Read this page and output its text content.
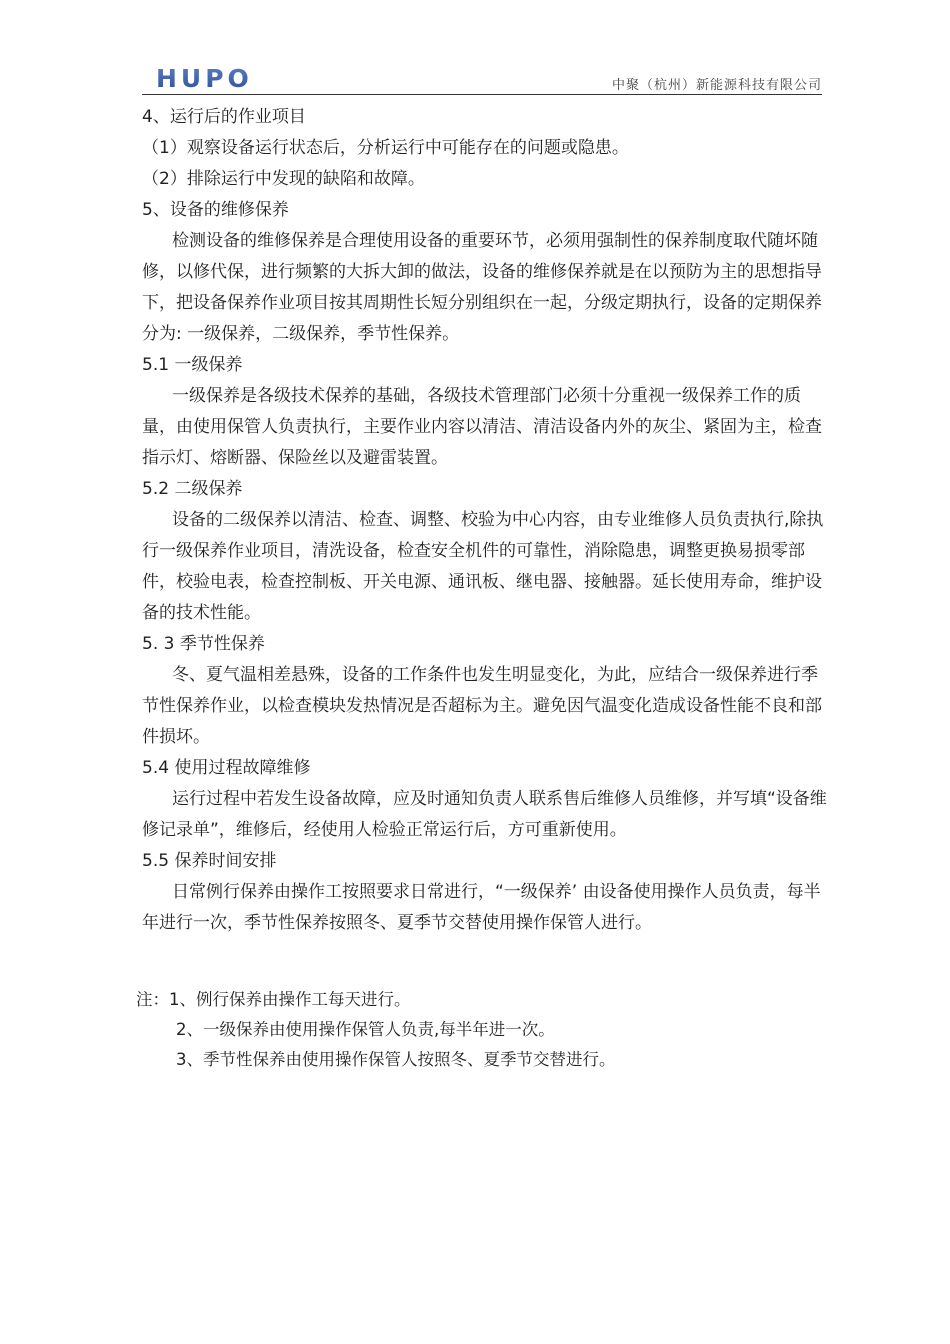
HUPO	中聚（杭州）新能源科技有限公司
4、运行后的作业项目
（1）观察设备运行状态后，分析运行中可能存在的问题或隐患。
（2）排除运行中发现的缺陷和故障。
5、设备的维修保养

检测设备的维修保养是合理使用设备的重要环节，必须用强制性的保养制度取代随坏随修，以修代保，进行频繁的大拆大卸的做法，设备的维修保养就是在以预防为主的思想指导下，把设备保养作业项目按其周期性长短分别组织在一起，分级定期执行，设备的定期保养分为: 一级保养，二级保养，季节性保养。

5.1 一级保养

一级保养是各级技术保养的基础，各级技术管理部门必须十分重视一级保养工作的质量，由使用保管人负责执行，主要作业内容以清洁、清洁设备内外的灰尘、紧固为主，检查指示灯、熔断器、保险丝以及避雷装置。

5.2 二级保养

设备的二级保养以清洁、检查、调整、校验为中心内容，由专业维修人员负责执行,除执行一级保养作业项目，清洗设备，检查安全机件的可靠性，消除隐患，调整更换易损零部件，校验电表，检查控制板、开关电源、通讯板、继电器、接触器。延长使用寿命，维护设备的技术性能。

5. 3 季节性保养

冬、夏气温相差悬殊，设备的工作条件也发生明显变化，为此，应结合一级保养进行季节性保养作业，以检查模块发热情况是否超标为主。避免因气温变化造成设备性能不良和部件损坏。

5.4 使用过程故障维修

运行过程中若发生设备故障，应及时通知负责人联系售后维修人员维修，并写填“设备维修记录单”，维修后，经使用人检验正常运行后，方可重新使用。

5.5 保养时间安排

日常例行保养由操作工按照要求日常进行，“一级保养’ 由设备使用操作人员负责，每半年进行一次，季节性保养按照冬、夏季节交替使用操作保管人进行。

注：1、例行保养由操作工每天进行。
2、一级保养由使用操作保管人负责,每半年进一次。
3、季节性保养由使用操作保管人按照冬、夏季节交替进行。
